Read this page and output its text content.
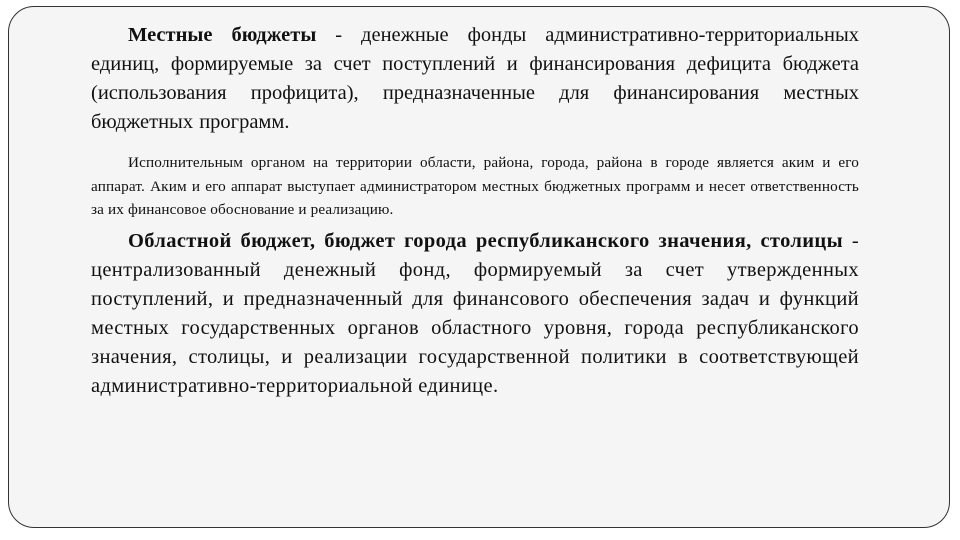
Местные бюджеты - денежные фонды административно-территориальных единиц, формируемые за счет поступлений и финансирования дефицита бюджета (использования профицита), предназначенные для финансирования местных бюджетных программ.

Исполнительным органом на территории области, района, города, района в городе является аким и его аппарат. Аким и его аппарат выступает администратором местных бюджетных программ и несет ответственность за их финансовое обоснование и реализацию.

Областной бюджет, бюджет города республиканского значения, столицы - централизованный денежный фонд, формируемый за счет утвержденных поступлений, и предназначенный для финансового обеспечения задач и функций местных государственных органов областного уровня, города республиканского значения, столицы, и реализации государственной политики в соответствующей административно-территориальной единице.
